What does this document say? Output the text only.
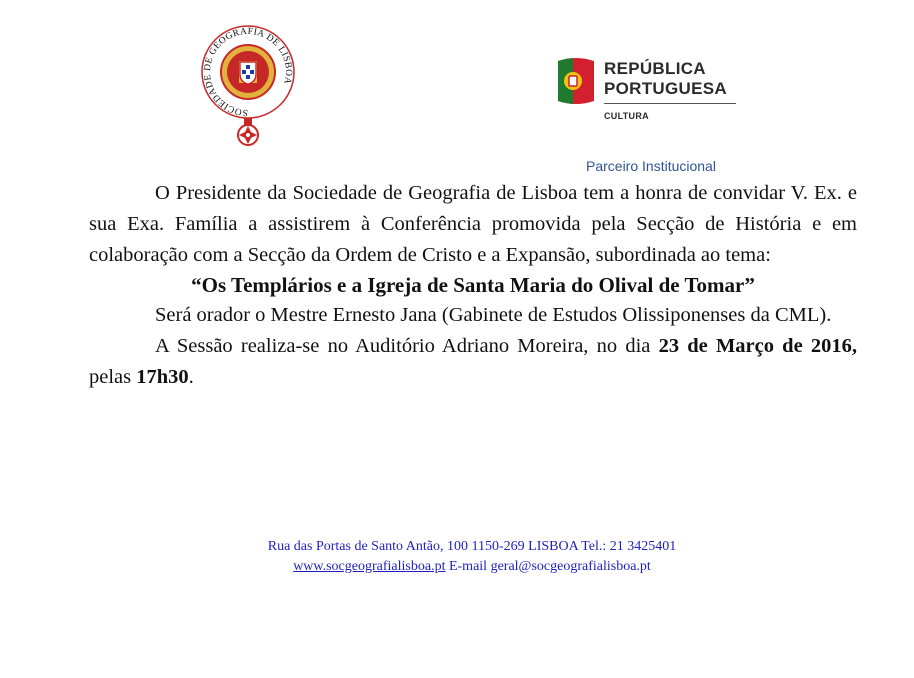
SOCIEDADE DE GEOGRAFIA DE LISBOA
REPÚBLICA
PORTUGUESA
CULTURA
Parceiro Institucional

O Presidente da Sociedade de Geografia de Lisboa tem a honra de convidar V. Ex. e sua Exa. Família a assistirem à Conferência promovida pela Secção de História e em colaboração com a Secção da Ordem de Cristo e a Expansão, subordinada ao tema:

“Os Templários e a Igreja de Santa Maria do Olival de Tomar”

Será orador o Mestre Ernesto Jana (Gabinete de Estudos Olissiponenses da CML).

A Sessão realiza-se no Auditório Adriano Moreira, no dia 23 de Março de 2016, pelas 17h30.

Rua das Portas de Santo Antão, 100 1150-269 LISBOA Tel.: 21 3425401
www.socgeografialisboa.pt E-mail geral@socgeografialisboa.pt
